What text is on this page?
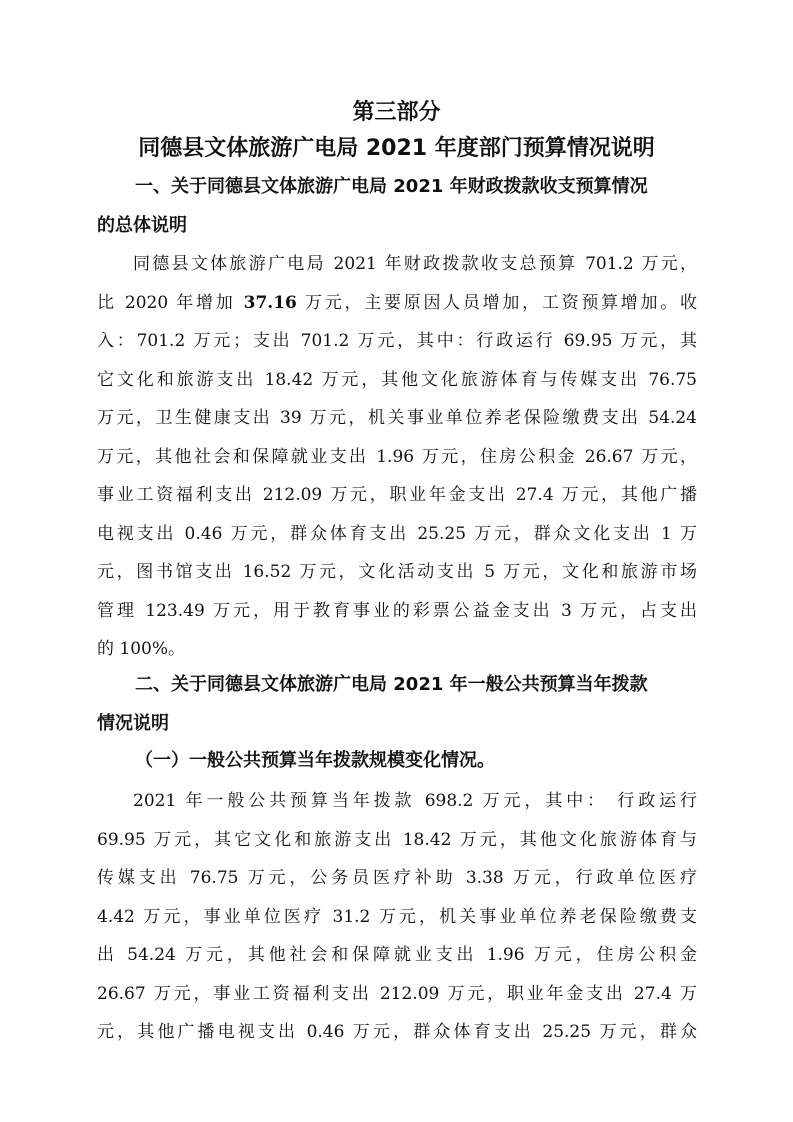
第三部分
同德县文体旅游广电局 2021 年度部门预算情况说明
一、关于同德县文体旅游广电局 2021 年财政拨款收支预算情况
的总体说明
同德县文体旅游广电局 2021 年财政拨款收支总预算 701.2 万元，
比 2020 年增加 37.16 万元，主要原因人员增加，工资预算增加。收
入：701.2 万元；支出 701.2 万元，其中：行政运行 69.95 万元，其
它文化和旅游支出 18.42 万元，其他文化旅游体育与传媒支出 76.75
万元，卫生健康支出 39 万元，机关事业单位养老保险缴费支出 54.24
万元，其他社会和保障就业支出 1.96 万元，住房公积金 26.67 万元，
事业工资福利支出 212.09 万元，职业年金支出 27.4 万元，其他广播
电视支出 0.46 万元，群众体育支出 25.25 万元，群众文化支出 1 万
元，图书馆支出 16.52 万元，文化活动支出 5 万元，文化和旅游市场
管理 123.49 万元，用于教育事业的彩票公益金支出 3 万元，占支出
的 100%。
二、关于同德县文体旅游广电局 2021 年一般公共预算当年拨款
情况说明
（一）一般公共预算当年拨款规模变化情况。
2021 年一般公共预算当年拨款 698.2 万元，其中： 行政运行
69.95 万元，其它文化和旅游支出 18.42 万元，其他文化旅游体育与
传媒支出 76.75 万元，公务员医疗补助 3.38 万元，行政单位医疗
4.42 万元，事业单位医疗 31.2 万元，机关事业单位养老保险缴费支
出 54.24 万元，其他社会和保障就业支出 1.96 万元，住房公积金
26.67 万元，事业工资福利支出 212.09 万元，职业年金支出 27.4 万
元，其他广播电视支出 0.46 万元，群众体育支出 25.25 万元，群众
